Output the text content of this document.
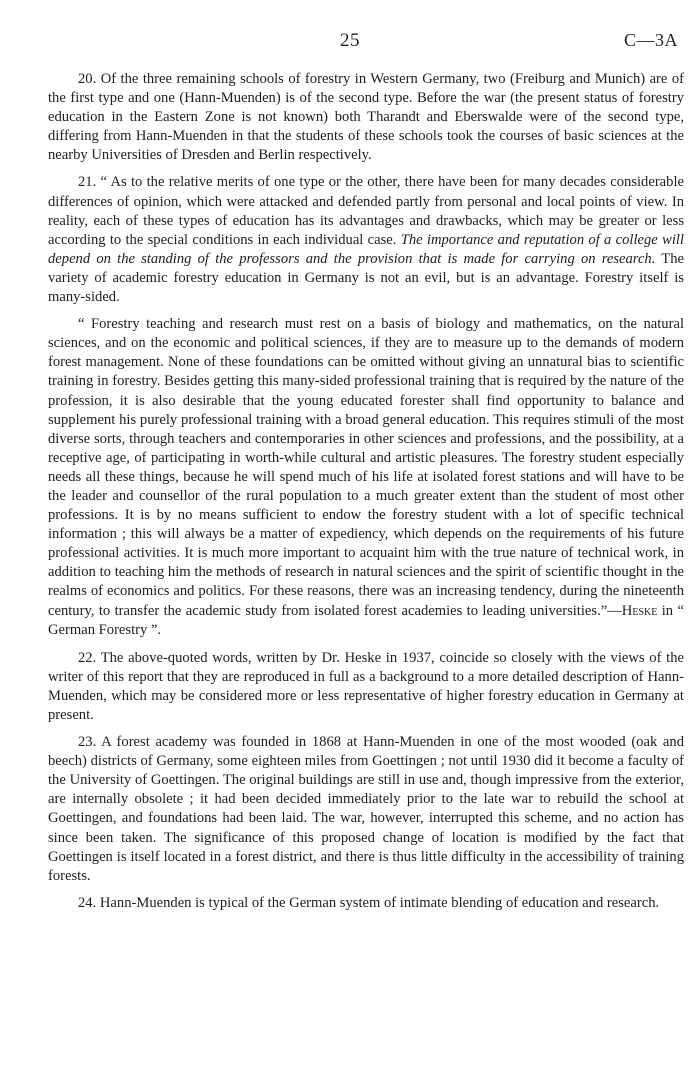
25	C—3A

20. Of the three remaining schools of forestry in Western Germany, two (Freiburg and Munich) are of the first type and one (Hann-Muenden) is of the second type. Before the war (the present status of forestry education in the Eastern Zone is not known) both Tharandt and Eberswalde were of the second type, differing from Hann-Muenden in that the students of these schools took the courses of basic sciences at the nearby Universities of Dresden and Berlin respectively.

21. “ As to the relative merits of one type or the other, there have been for many decades considerable differences of opinion, which were attacked and defended partly from personal and local points of view. In reality, each of these types of education has its advantages and drawbacks, which may be greater or less according to the special conditions in each individual case. The importance and reputation of a college will depend on the standing of the professors and the provision that is made for carrying on research. The variety of academic forestry education in Germany is not an evil, but is an advantage. Forestry itself is many-sided.

“ Forestry teaching and research must rest on a basis of biology and mathematics, on the natural sciences, and on the economic and political sciences, if they are to measure up to the demands of modern forest management. None of these foundations can be omitted without giving an unnatural bias to scientific training in forestry. Besides getting this many-sided professional training that is required by the nature of the profession, it is also desirable that the young educated forester shall find opportunity to balance and supplement his purely professional training with a broad general education. This requires stimuli of the most diverse sorts, through teachers and contemporaries in other sciences and professions, and the possibility, at a receptive age, of participating in worth-while cultural and artistic pleasures. The forestry student especially needs all these things, because he will spend much of his life at isolated forest stations and will have to be the leader and counsellor of the rural population to a much greater extent than the student of most other professions. It is by no means sufficient to endow the forestry student with a lot of specific technical information ; this will always be a matter of expediency, which depends on the requirements of his future professional activities. It is much more important to acquaint him with the true nature of technical work, in addition to teaching him the methods of research in natural sciences and the spirit of scientific thought in the realms of economics and politics. For these reasons, there was an increasing tendency, during the nineteenth century, to transfer the academic study from isolated forest academies to leading universities.”—Heske in “ German Forestry ”.

22. The above-quoted words, written by Dr. Heske in 1937, coincide so closely with the views of the writer of this report that they are reproduced in full as a background to a more detailed description of Hann-Muenden, which may be considered more or less representative of higher forestry education in Germany at present.

23. A forest academy was founded in 1868 at Hann-Muenden in one of the most wooded (oak and beech) districts of Germany, some eighteen miles from Goettingen ; not until 1930 did it become a faculty of the University of Goettingen. The original buildings are still in use and, though impressive from the exterior, are internally obsolete ; it had been decided immediately prior to the late war to rebuild the school at Goettingen, and foundations had been laid. The war, however, interrupted this scheme, and no action has since been taken. The significance of this proposed change of location is modified by the fact that Goettingen is itself located in a forest district, and there is thus little difficulty in the accessibility of training forests.

24. Hann-Muenden is typical of the German system of intimate blending of education and research.
